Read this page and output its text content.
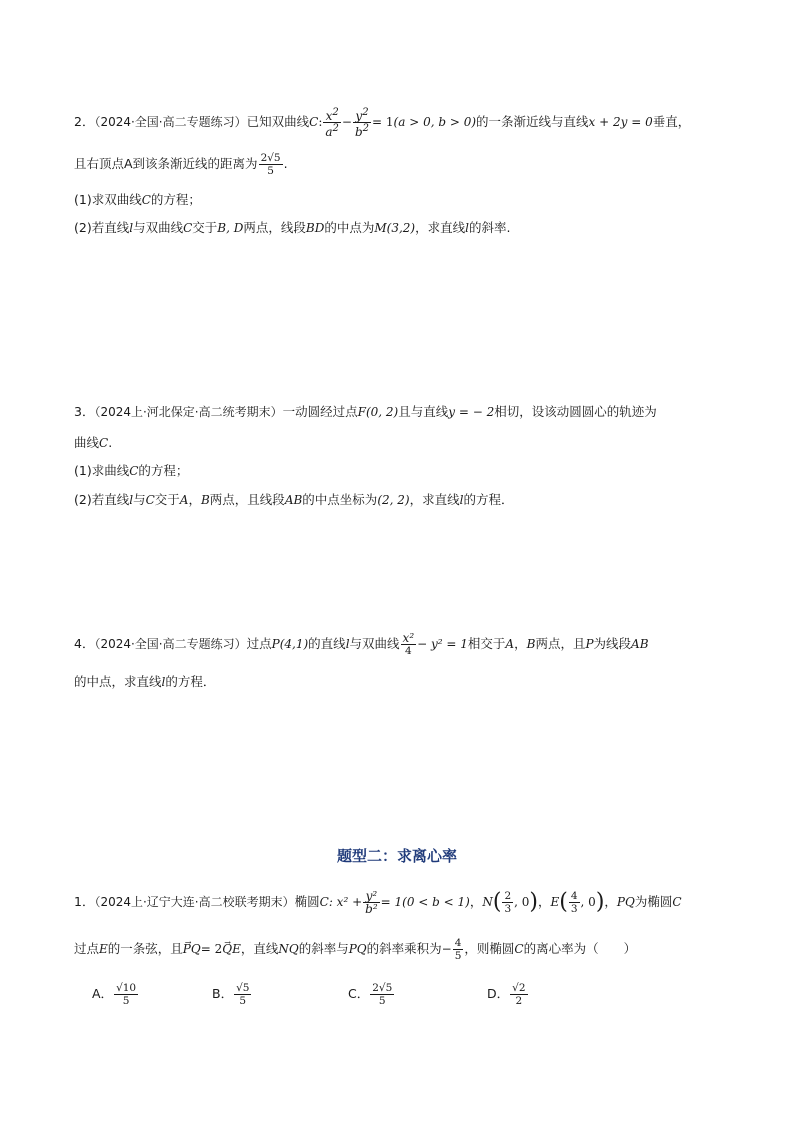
2．（2024·全国·高二专题练习）已知双曲线C: $\frac{x^2}{a^2} - \frac{y^2}{b^2} = 1(a > 0$, b > 0)的一条渐近线与直线x + 2y = 0垂直，
且右顶点A到该条渐近线的距离为 $\frac{2√5}{5}$ .
(1)求双曲线C的方程；
(2)若直线l与双曲线C交于B, D两点，线段BD的中点为M(3,2)，求直线l的斜率.
3．（2024上·河北保定·高二统考期末）一动圆经过点F(0, 2)且与直线y = − 2相切，设该动圆圆心的轨迹为
曲线C.
(1)求曲线C的方程；
(2)若直线l与C交于A，B两点，且线段AB的中点坐标为(2, 2)，求直线l的方程．
4．（2024·全国·高二专题练习）过点P(4,1)的直线l与双曲线 $\frac{\text{x²}}{4} - y^2 = 1$相交于A，B两点，且P为线段AB
的中点，求直线l的方程．
题型二：求离心率
1．（2024上·辽宁大连·高二校联考期末）椭圆C: $x^2 + \frac{\text{y²}}{\text{b²}} = 1(0 < b < 1)$，$N( \frac{2}{3}$ , 0)，$E( \frac{4}{3}$ , 0)，PQ为椭圆C
过点E的一条弦，且→ PQ= 2→ QE，直线NQ的斜率与PQ的斜率乘积为− $\frac{4}{5}$ ，则椭圆C的离心率为（　　）
A． $\frac{√10}{5}$	B． $\frac{√5}{5}$	C． $\frac{2√5}{5}$	D． $\frac{√2}{2}$
